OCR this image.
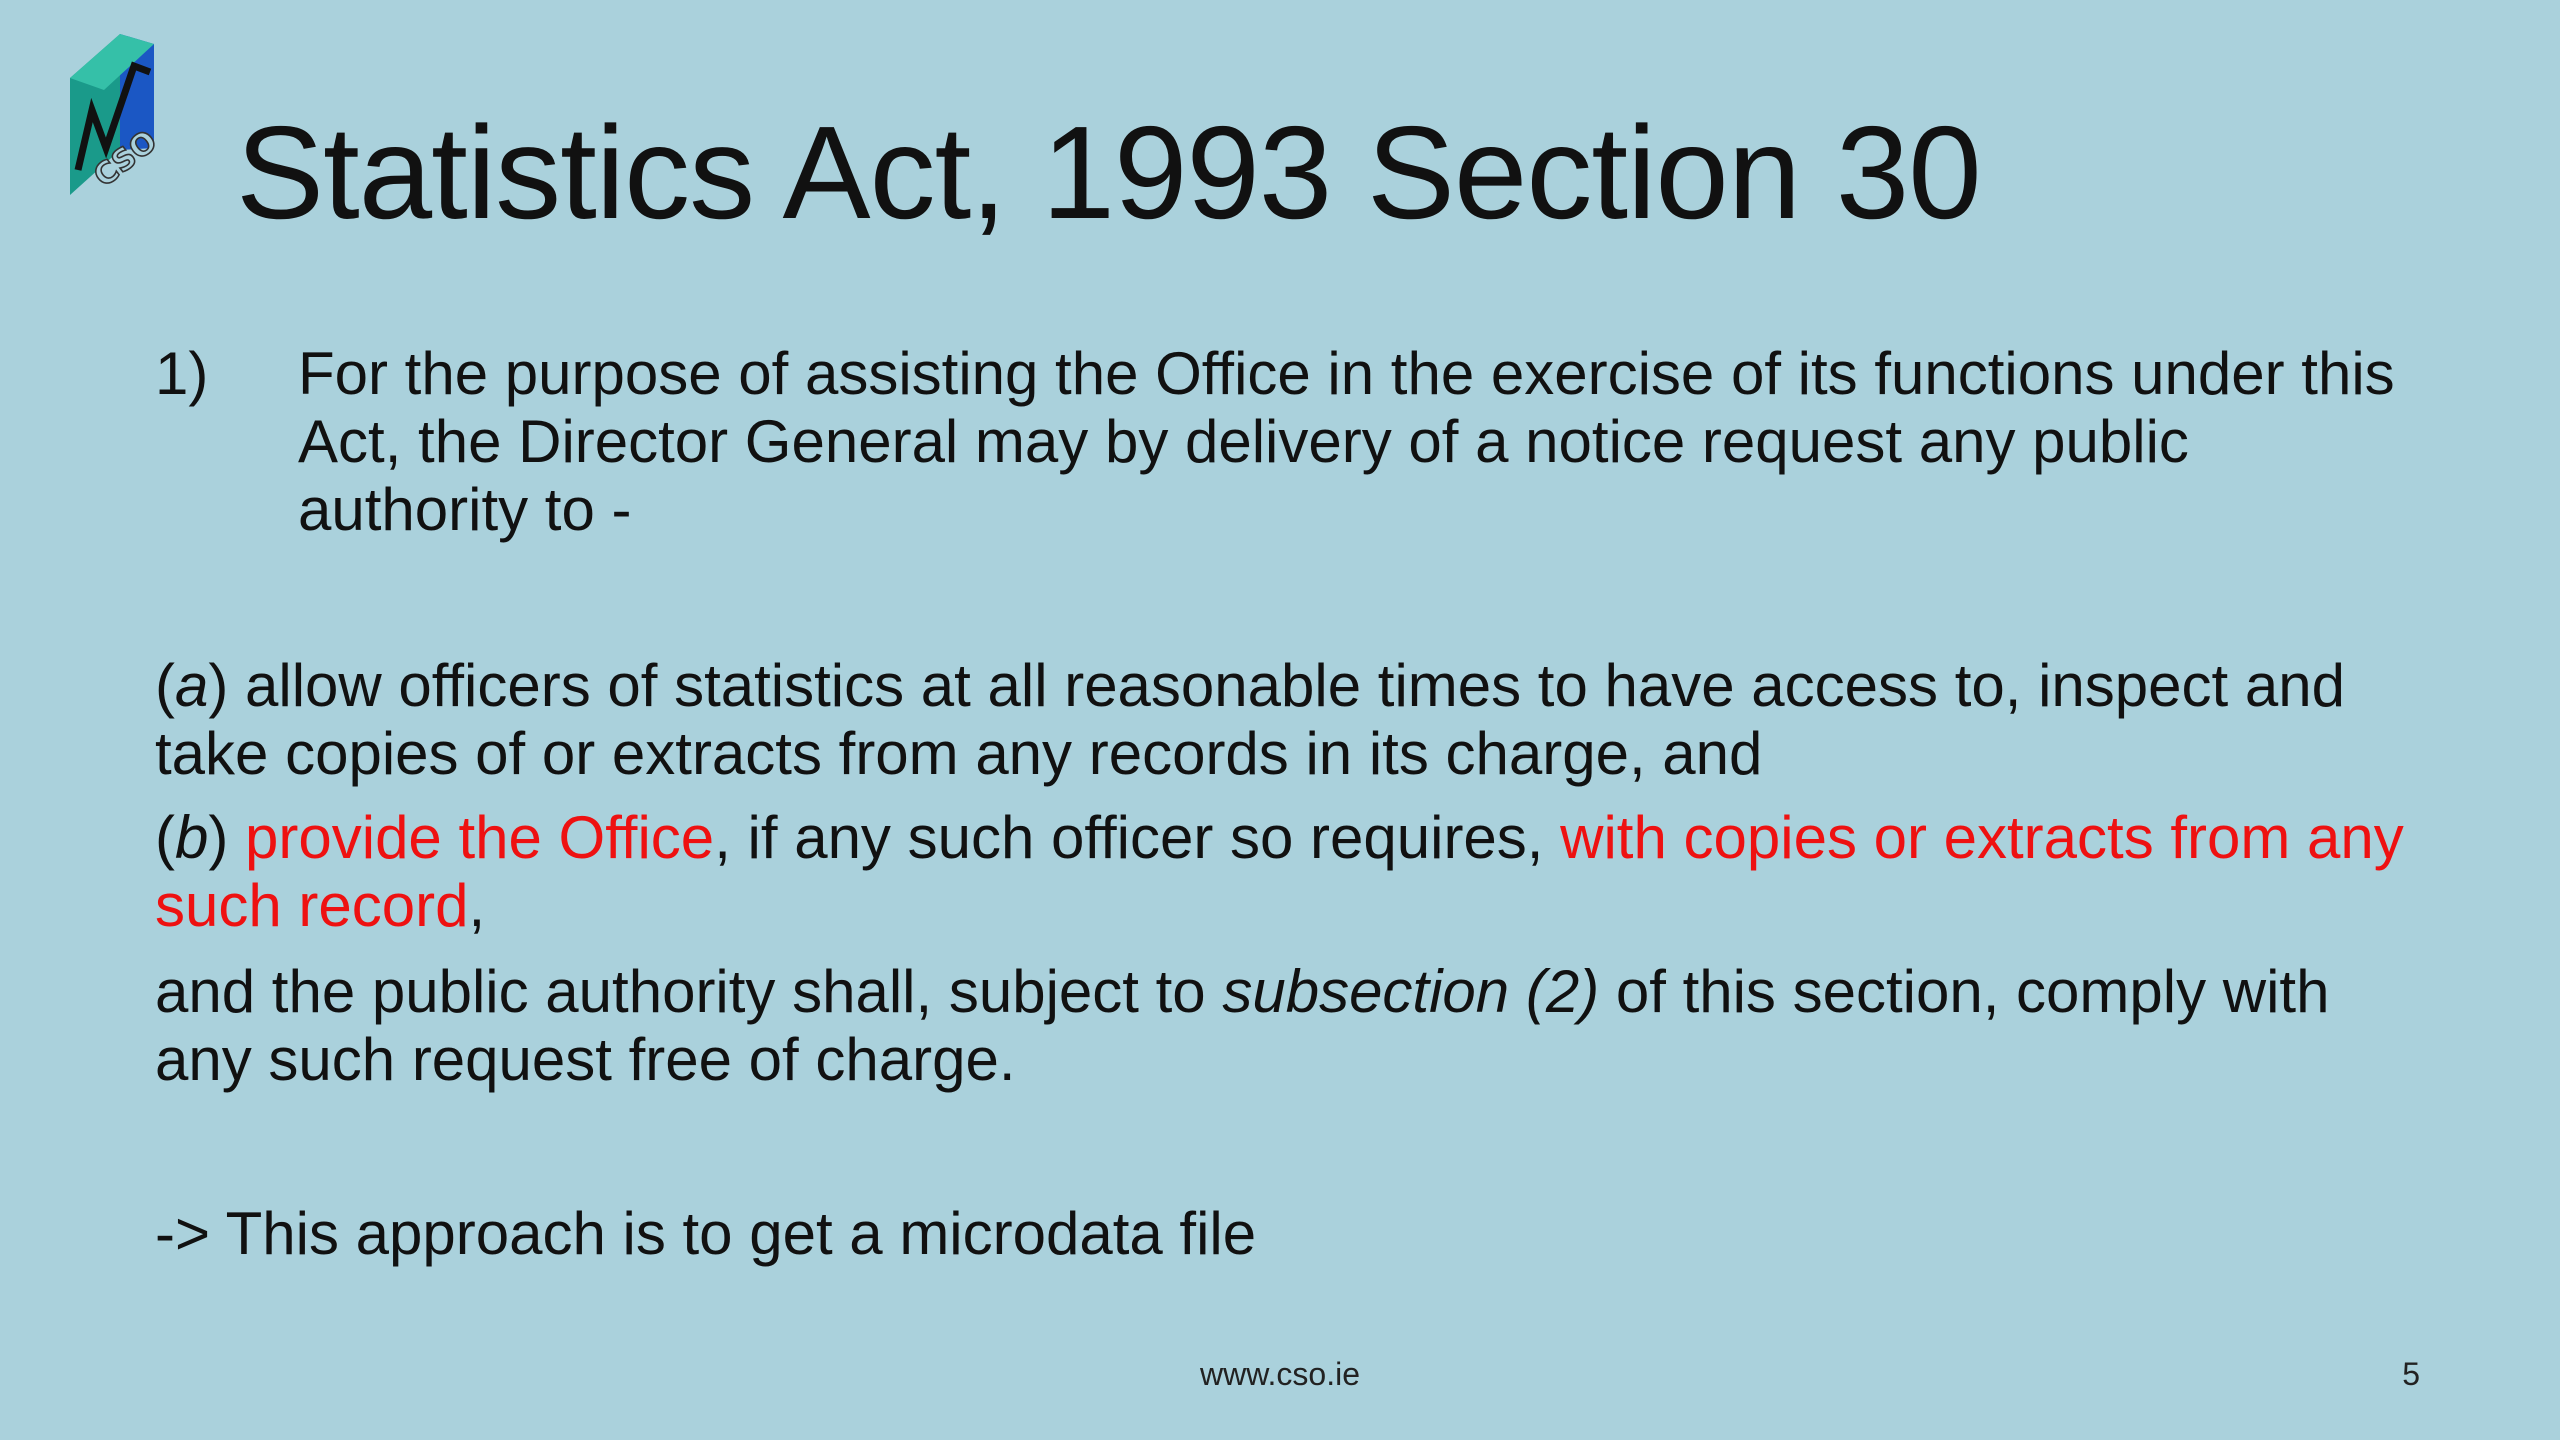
CSO Statistics Act, 1993 Section 30
1)	For the purpose of assisting the Office in the exercise of its functions under this Act, the Director General may by delivery of a notice request any public authority to -
(a) allow officers of statistics at all reasonable times to have access to, inspect and take copies of or extracts from any records in its charge, and
(b) provide the Office, if any such officer so requires, with copies or extracts from any such record,
and the public authority shall, subject to subsection (2) of this section, comply with any such request free of charge.
-> This approach is to get a microdata file
www.cso.ie	5
